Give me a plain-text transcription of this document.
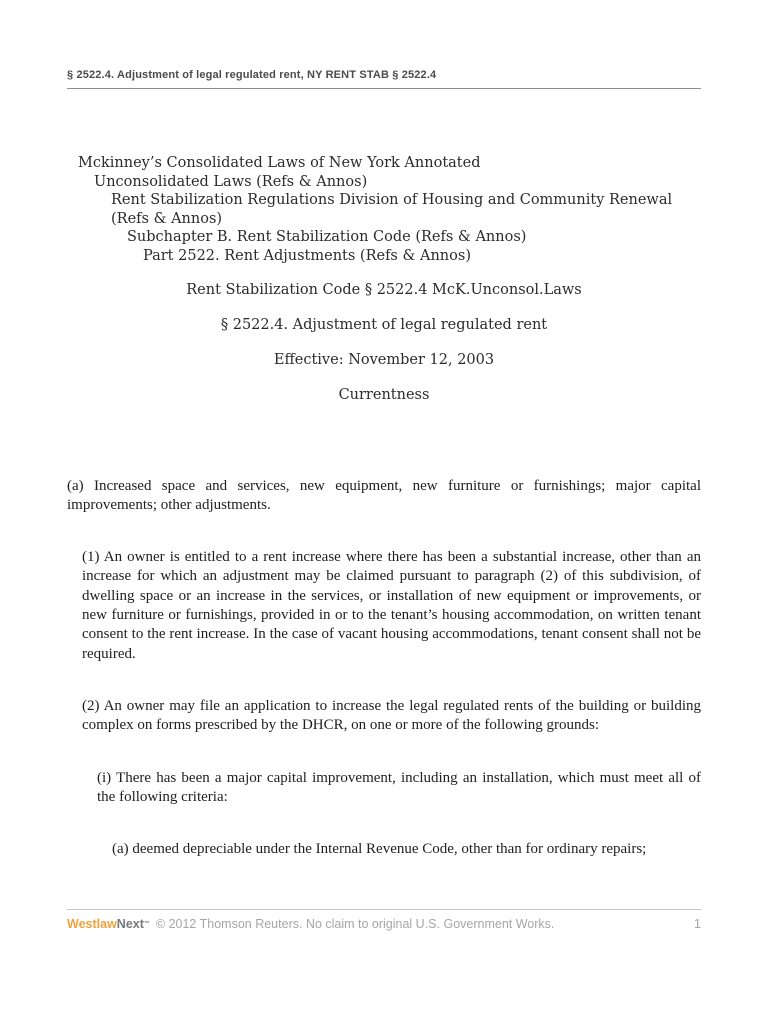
§ 2522.4. Adjustment of legal regulated rent, NY RENT STAB § 2522.4
Mckinney’s Consolidated Laws of New York Annotated
Unconsolidated Laws (Refs & Annos)
Rent Stabilization Regulations Division of Housing and Community Renewal
(Refs & Annos)
Subchapter B. Rent Stabilization Code (Refs & Annos)
Part 2522. Rent Adjustments (Refs & Annos)

Rent Stabilization Code § 2522.4 McK.Unconsol.Laws

§ 2522.4. Adjustment of legal regulated rent

Effective: November 12, 2003

Currentness

(a) Increased space and services, new equipment, new furniture or furnishings; major capital improvements; other adjustments.

(1) An owner is entitled to a rent increase where there has been a substantial increase, other than an increase for which an adjustment may be claimed pursuant to paragraph (2) of this subdivision, of dwelling space or an increase in the services, or installation of new equipment or improvements, or new furniture or furnishings, provided in or to the tenant’s housing accommodation, on written tenant consent to the rent increase. In the case of vacant housing accommodations, tenant consent shall not be required.

(2) An owner may file an application to increase the legal regulated rents of the building or building complex on forms prescribed by the DHCR, on one or more of the following grounds:

(i) There has been a major capital improvement, including an installation, which must meet all of the following criteria:

(a) deemed depreciable under the Internal Revenue Code, other than for ordinary repairs;

WestlawNext™ © 2012 Thomson Reuters. No claim to original U.S. Government Works.	1
